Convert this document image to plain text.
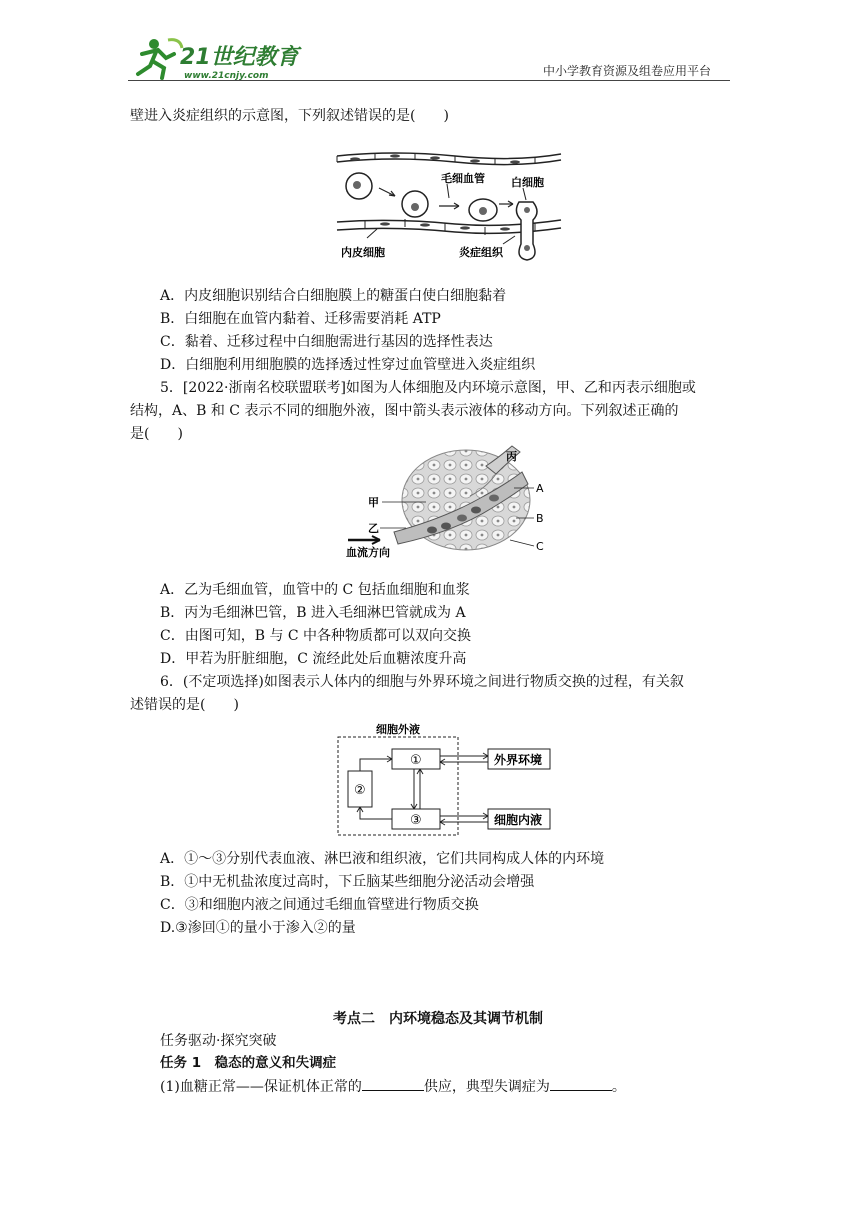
21世纪教育
www.21cnjy.com	中小学教育资源及组卷应用平台
壁进入炎症组织的示意图，下列叙述错误的是(　　)
毛细血管 白细胞
内皮细胞	炎症组织
A．内皮细胞识别结合白细胞膜上的糖蛋白使白细胞黏着
B．白细胞在血管内黏着、迁移需要消耗 ATP
C．黏着、迁移过程中白细胞需进行基因的选择性表达
D．白细胞利用细胞膜的选择透过性穿过血管壁进入炎症组织
5．[2022·浙南名校联盟联考]如图为人体细胞及内环境示意图，甲、乙和丙表示细胞或
结构，A、B 和 C 表示不同的细胞外液，图中箭头表示液体的移动方向。下列叙述正确的
是(　　)
丙
甲
乙
A
B
C
血流方向
A．乙为毛细血管，血管中的 C 包括血细胞和血浆
B．丙为毛细淋巴管，B 进入毛细淋巴管就成为 A
C．由图可知，B 与 C 中各种物质都可以双向交换
D．甲若为肝脏细胞，C 流经此处后血糖浓度升高
6．(不定项选择)如图表示人体内的细胞与外界环境之间进行物质交换的过程，有关叙
述错误的是(　　)
细胞外液
①
②
③
外界环境
细胞内液
A．①～③分别代表血液、淋巴液和组织液，它们共同构成人体的内环境
B．①中无机盐浓度过高时，下丘脑某些细胞分泌活动会增强
C．③和细胞内液之间通过毛细血管壁进行物质交换
D.③渗回①的量小于渗入②的量
考点二　内环境稳态及其调节机制
任务驱动·探究突破
任务 1　稳态的意义和失调症
(1)血糖正常——保证机体正常的	供应，典型失调症为	。
